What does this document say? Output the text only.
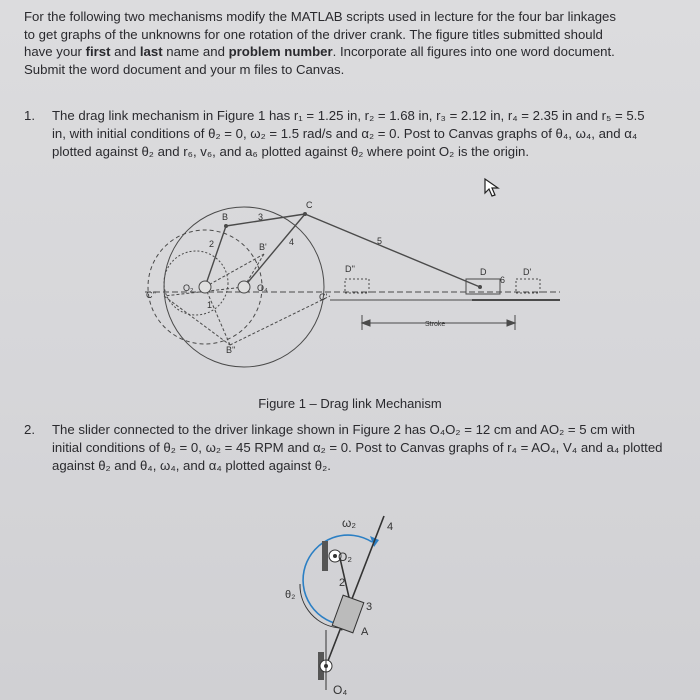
For the following two mechanisms modify the MATLAB scripts used in lecture for the four bar linkages
to get graphs of the unknowns for one rotation of the driver crank. The figure titles submitted should
have your first and last name and problem number. Incorporate all figures into one word document.
Submit the word document and your m files to Canvas.
1.	The drag link mechanism in Figure 1 has r₁ = 1.25 in, r₂ = 1.68 in, r₃ = 2.12 in, r₄ = 2.35 in and r₅ = 5.5
in, with initial conditions of θ₂ = 0, ω₂ = 1.5 rad/s and α₂ = 0. Post to Canvas graphs of θ₄, ω₄, and α₄
plotted against θ₂ and r₆, v₆, and a₆ plotted against θ₂ where point O₂ is the origin.
B	3
C
2	B' 4	5
D''	D
6
D'
C''
O₂	O₄
C'
1
B''
Stroke
Figure 1 – Drag link Mechanism
2.	The slider connected to the driver linkage shown in Figure 2 has O₄O₂ = 12 cm and AO₂ = 5 cm with
initial conditions of θ₂ = 0, ω₂ = 45 RPM and α₂ = 0. Post to Canvas graphs of r₄ = AO₄, V₄ and a₄ plotted
against θ₂ and θ₄, ω₄, and α₄ plotted against θ₂.
ω₂	4
O₂
2
θ₂
3
A
O₄
